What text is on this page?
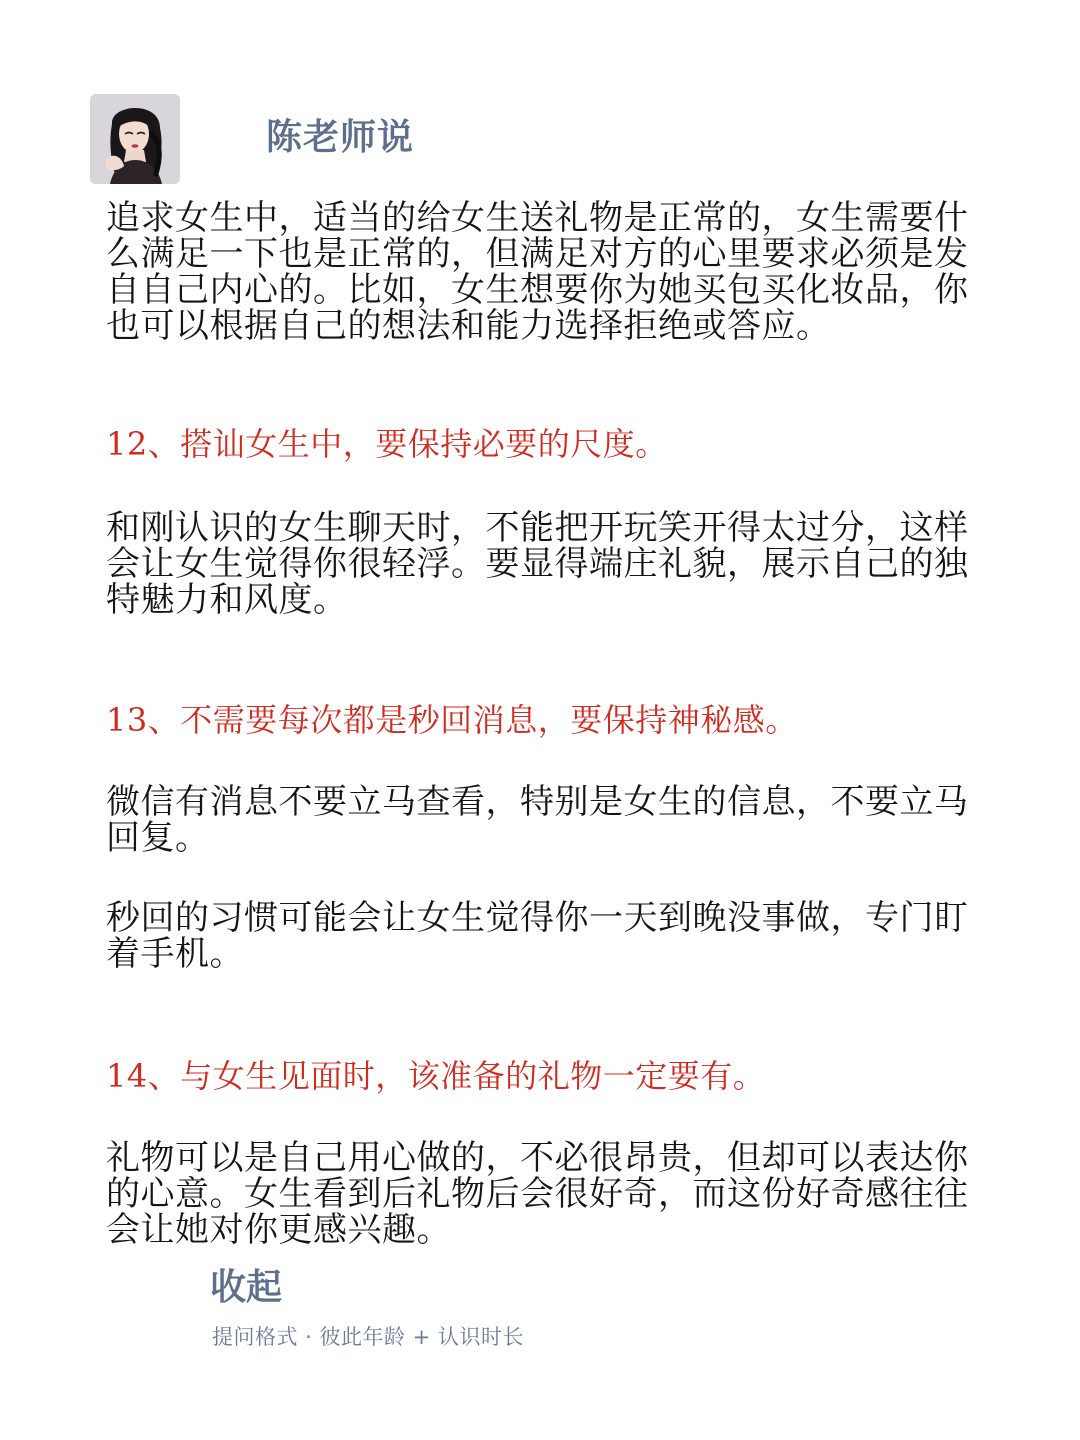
陈老师说

追求女生中，适当的给女生送礼物是正常的，女生需要什么满足一下也是正常的，但满足对方的心里要求必须是发自自己内心的。比如，女生想要你为她买包买化妆品，你也可以根据自己的想法和能力选择拒绝或答应。

12、搭讪女生中，要保持必要的尺度。

和刚认识的女生聊天时，不能把开玩笑开得太过分，这样会让女生觉得你很轻浮。要显得端庄礼貌，展示自己的独特魅力和风度。

13、不需要每次都是秒回消息，要保持神秘感。

微信有消息不要立马查看，特别是女生的信息，不要立马回复。

秒回的习惯可能会让女生觉得你一天到晚没事做，专门盯着手机。

14、与女生见面时，该准备的礼物一定要有。

礼物可以是自己用心做的，不必很昂贵，但却可以表达你的心意。女生看到后礼物后会很好奇，而这份好奇感往往会让她对你更感兴趣。

收起
提问格式 · 彼此年龄 + 认识时长
